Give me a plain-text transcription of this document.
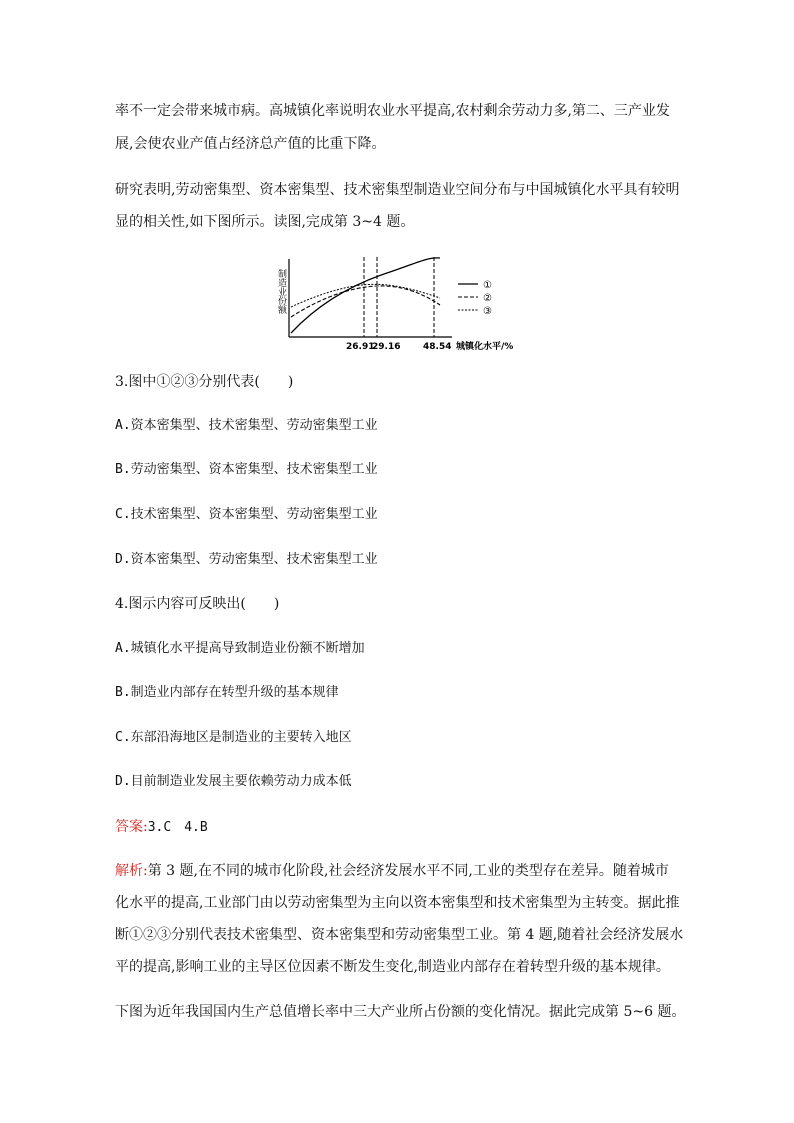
率不一定会带来城市病。高城镇化率说明农业水平提高,农村剩余劳动力多,第二、三产业发
展,会使农业产值占经济总产值的比重下降。
研究表明,劳动密集型、资本密集型、技术密集型制造业空间分布与中国城镇化水平具有较明
显的相关性,如下图所示。读图,完成第 3~4 题。
制造业份额
26.91
29.16	48.54 城镇化水平/%
①
②
③
3.图中①②③分别代表(　　)
A.资本密集型、技术密集型、劳动密集型工业
B.劳动密集型、资本密集型、技术密集型工业
C.技术密集型、资本密集型、劳动密集型工业
D.资本密集型、劳动密集型、技术密集型工业
4.图示内容可反映出(　　)
A.城镇化水平提高导致制造业份额不断增加
B.制造业内部存在转型升级的基本规律
C.东部沿海地区是制造业的主要转入地区
D.目前制造业发展主要依赖劳动力成本低
答案:3.C　4.B
解析:第 3 题,在不同的城市化阶段,社会经济发展水平不同,工业的类型存在差异。随着城市
化水平的提高,工业部门由以劳动密集型为主向以资本密集型和技术密集型为主转变。据此推
断①②③分别代表技术密集型、资本密集型和劳动密集型工业。第 4 题,随着社会经济发展水
平的提高,影响工业的主导区位因素不断发生变化,制造业内部存在着转型升级的基本规律。
下图为近年我国国内生产总值增长率中三大产业所占份额的变化情况。据此完成第 5~6 题。
